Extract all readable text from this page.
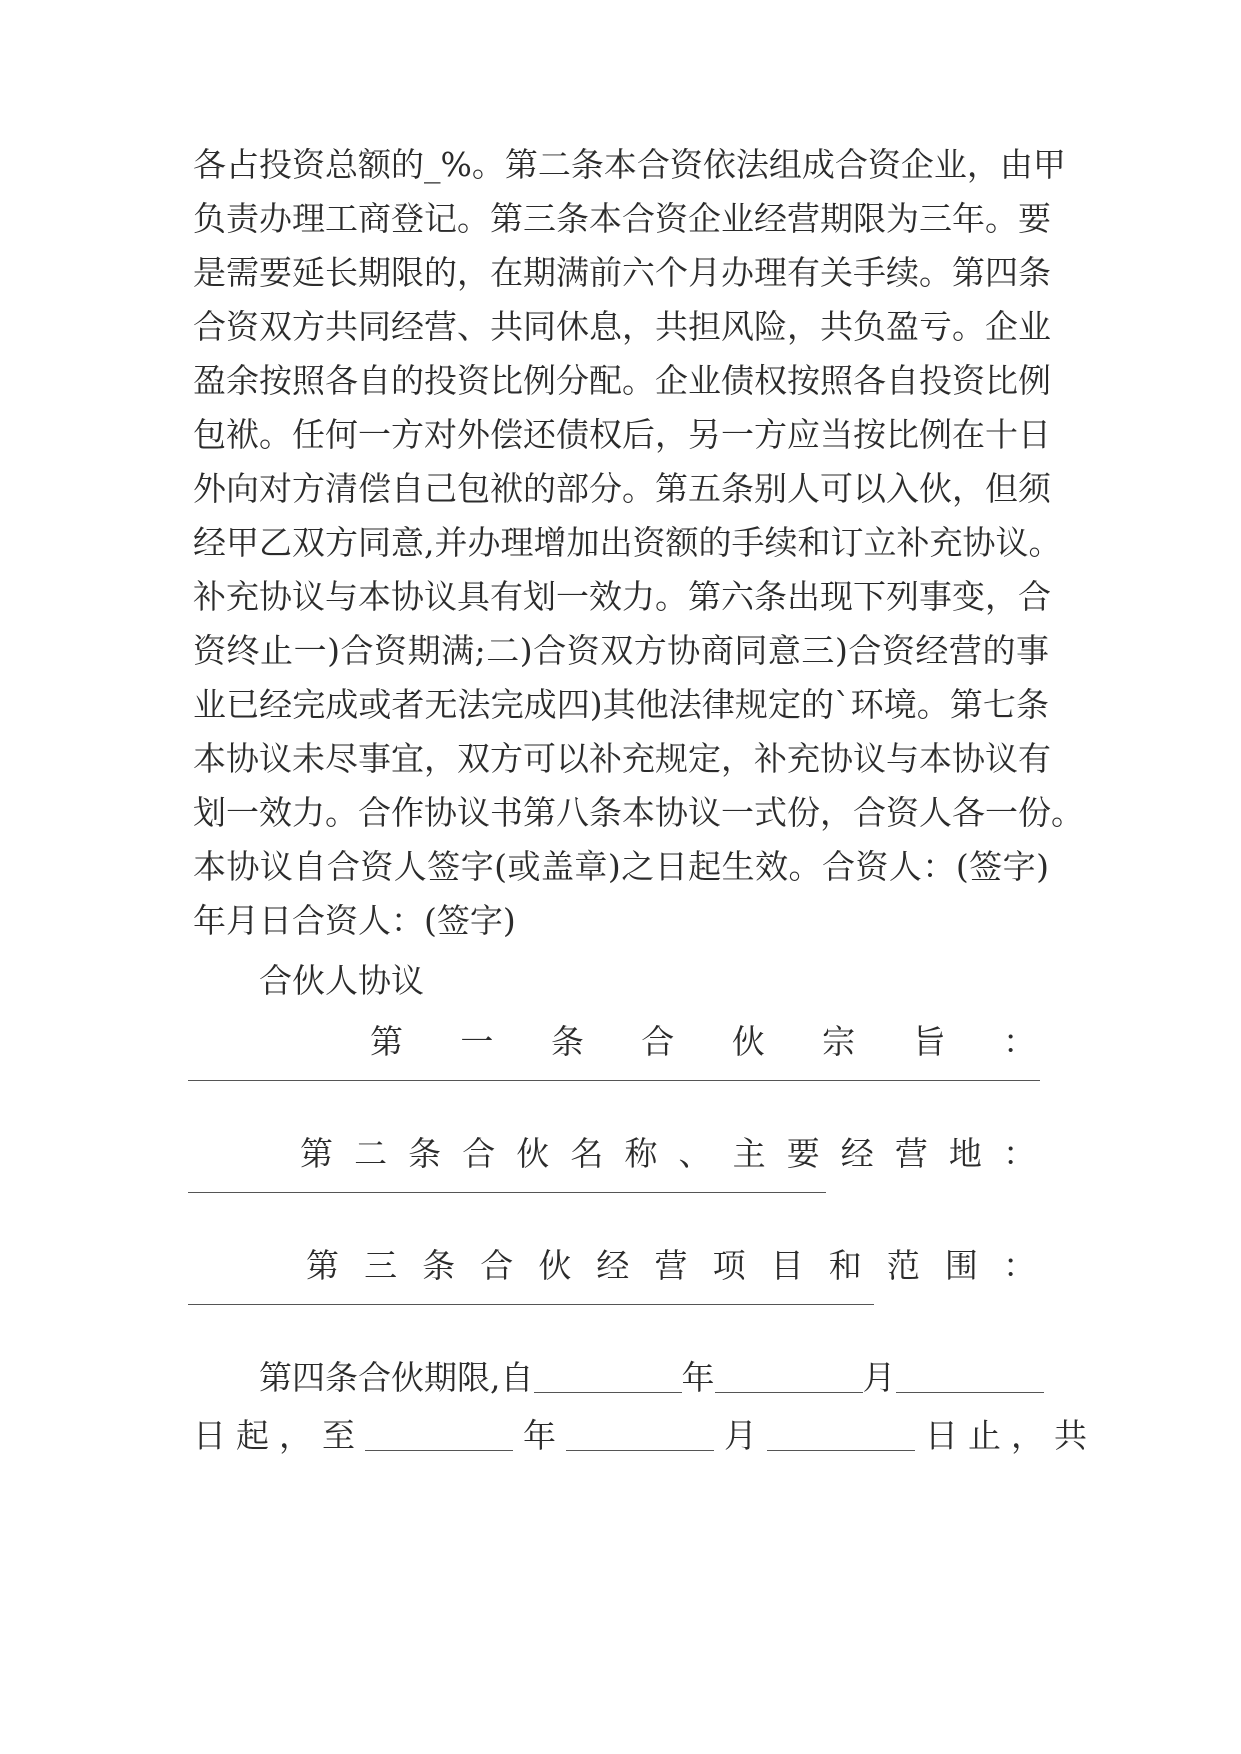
各占投资总额的_%。第二条本合资依法组成合资企业，由甲
负责办理工商登记。第三条本合资企业经营期限为三年。要
是需要延长期限的，在期满前六个月办理有关手续。第四条
合资双方共同经营、共同休息，共担风险，共负盈亏。企业
盈余按照各自的投资比例分配。企业债权按照各自投资比例
包袱。任何一方对外偿还债权后，另一方应当按比例在十日
外向对方清偿自己包袱的部分。第五条别人可以入伙，但须
经甲乙双方同意,并办理增加出资额的手续和订立补充协议。
补充协议与本协议具有划一效力。第六条出现下列事变，合
资终止一)合资期满;二)合资双方协商同意三)合资经营的事
业已经完成或者无法完成四)其他法律规定的`环境。第七条
本协议未尽事宜，双方可以补充规定，补充协议与本协议有
划一效力。合作协议书第八条本协议一式份，合资人各一份。
本协议自合资人签字(或盖章)之日起生效。合资人：(签字)
年月日合资人：(签字)
合伙人协议
第一条合伙宗旨：
第二条合伙名称、主要经营地：
第三条合伙经营项目和范围：
第四条合伙期限,自	年	月
日起，至	年	月	日止，共
